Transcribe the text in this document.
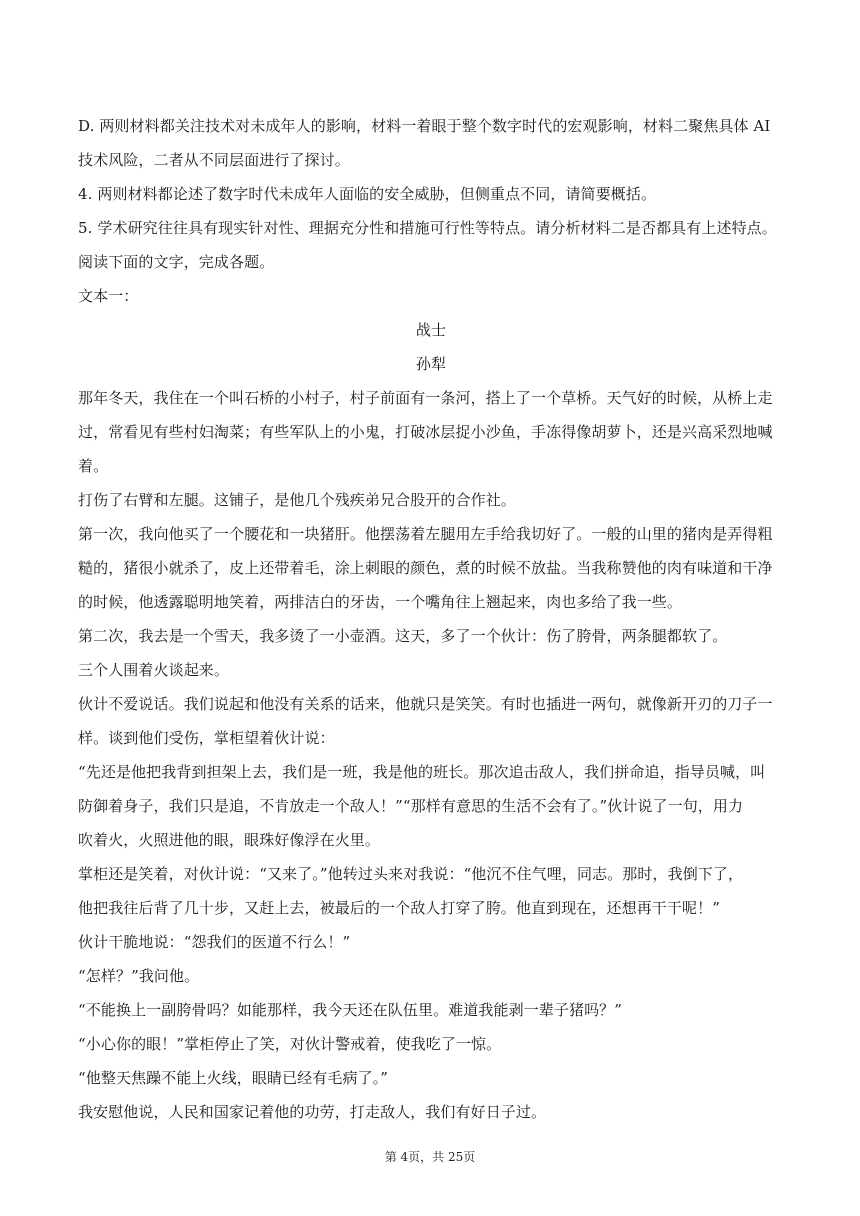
D. 两则材料都关注技术对未成年人的影响，材料一着眼于整个数字时代的宏观影响，材料二聚焦具体 AI
技术风险，二者从不同层面进行了探讨。
4. 两则材料都论述了数字时代未成年人面临的安全威胁，但侧重点不同，请简要概括。
5. 学术研究往往具有现实针对性、理据充分性和措施可行性等特点。请分析材料二是否都具有上述特点。
阅读下面的文字，完成各题。
文本一：
战士
孙犁
那年冬天，我住在一个叫石桥的小村子，村子前面有一条河，搭上了一个草桥。天气好的时候，从桥上走
过，常看见有些村妇淘菜；有些军队上的小鬼，打破冰层捉小沙鱼，手冻得像胡萝卜，还是兴高采烈地喊
着。
打伤了右臂和左腿。这铺子，是他几个残疾弟兄合股开的合作社。
第一次，我向他买了一个腰花和一块猪肝。他摆荡着左腿用左手给我切好了。一般的山里的猪肉是弄得粗
糙的，猪很小就杀了，皮上还带着毛，涂上刺眼的颜色，煮的时候不放盐。当我称赞他的肉有味道和干净
的时候，他透露聪明地笑着，两排洁白的牙齿，一个嘴角往上翘起来，肉也多给了我一些。
第二次，我去是一个雪天，我多烫了一小壶酒。这天，多了一个伙计：伤了胯骨，两条腿都软了。
三个人围着火谈起来。
伙计不爱说话。我们说起和他没有关系的话来，他就只是笑笑。有时也插进一两句，就像新开刃的刀子一
样。谈到他们受伤，掌柜望着伙计说：
“先还是他把我背到担架上去，我们是一班，我是他的班长。那次追击敌人，我们拼命追，指导员喊，叫
防御着身子，我们只是追，不肯放走一个敌人！”“那样有意思的生活不会有了。”伙计说了一句，用力
吹着火，火照进他的眼，眼珠好像浮在火里。
掌柜还是笑着，对伙计说：“又来了。”他转过头来对我说：“他沉不住气哩，同志。那时，我倒下了，
他把我往后背了几十步，又赶上去，被最后的一个敌人打穿了胯。他直到现在，还想再干干呢！”
伙计干脆地说：“怨我们的医道不行么！”
“怎样？”我问他。
“不能换上一副胯骨吗？如能那样，我今天还在队伍里。难道我能剥一辈子猪吗？”
“小心你的眼！”掌柜停止了笑，对伙计警戒着，使我吃了一惊。
“他整天焦躁不能上火线，眼睛已经有毛病了。”
我安慰他说，人民和国家记着他的功劳，打走敌人，我们有好日子过。
第 4页，共 25页
